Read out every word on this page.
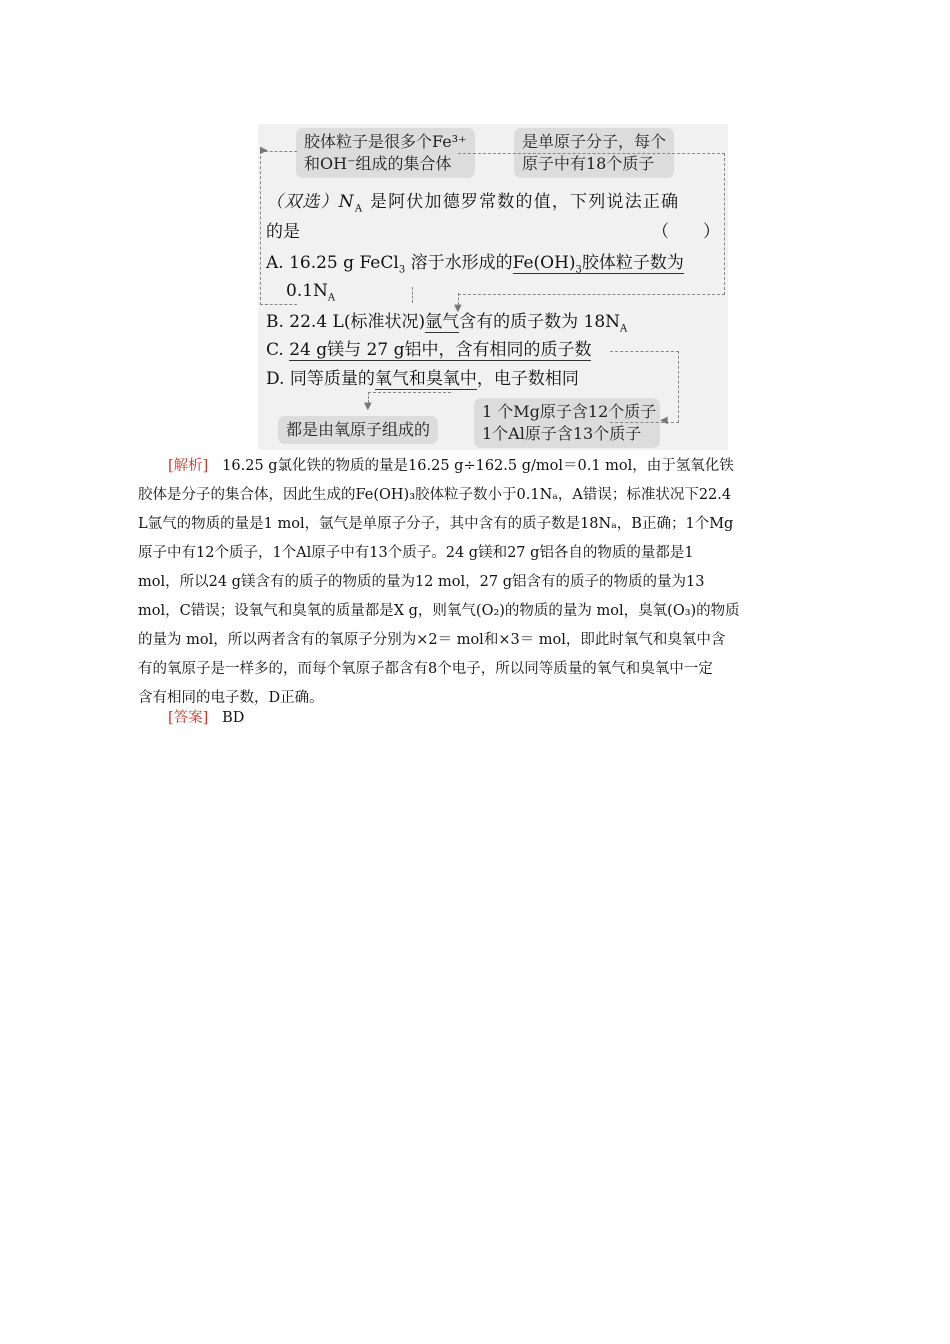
胶体粒子是很多个Fe³⁺
和OH⁻组成的集合体
是单原子分子，每个
原子中有18个质子
（双选）$N_A$ 是阿伏加德罗常数的值，下列说法正确
的是	（　　）
A. 16.25 g FeCl$_3$ 溶于水形成的$Fe(OH)_3$胶体粒子数为
$0.1N_A$
B. 22.4 L(标准状况)氩气含有的质子数为 $18N_A$
C. 24 g镁与 27 g铝中，含有相同的质子数
D. 同等质量的氧气和臭氧中，电子数相同
都是由氧原子组成的
1 个Mg原子含12个质子
1个Al原子含13个质子
▶
▼
◀
▼
[解析] 16.25 g氯化铁的物质的量是16.25 g÷162.5 g/mol＝0.1 mol，由于氢氧化铁
胶体是分子的集合体，因此生成的Fe(OH)₃胶体粒子数小于0.1Nₐ，A错误；标准状况下22.4
L氩气的物质的量是1 mol，氩气是单原子分子，其中含有的质子数是18Nₐ，B正确；1个Mg
原子中有12个质子，1个Al原子中有13个质子。24 g镁和27 g铝各自的物质的量都是1
mol，所以24 g镁含有的质子的物质的量为12 mol，27 g铝含有的质子的物质的量为13
mol，C错误；设氧气和臭氧的质量都是X g，则氧气(O₂)的物质的量为 mol，臭氧(O₃)的物质
的量为 mol，所以两者含有的氧原子分别为×2＝ mol和×3＝ mol，即此时氧气和臭氧中含
有的氧原子是一样多的，而每个氧原子都含有8个电子，所以同等质量的氧气和臭氧中一定
含有相同的电子数，D正确。
[答案] BD
